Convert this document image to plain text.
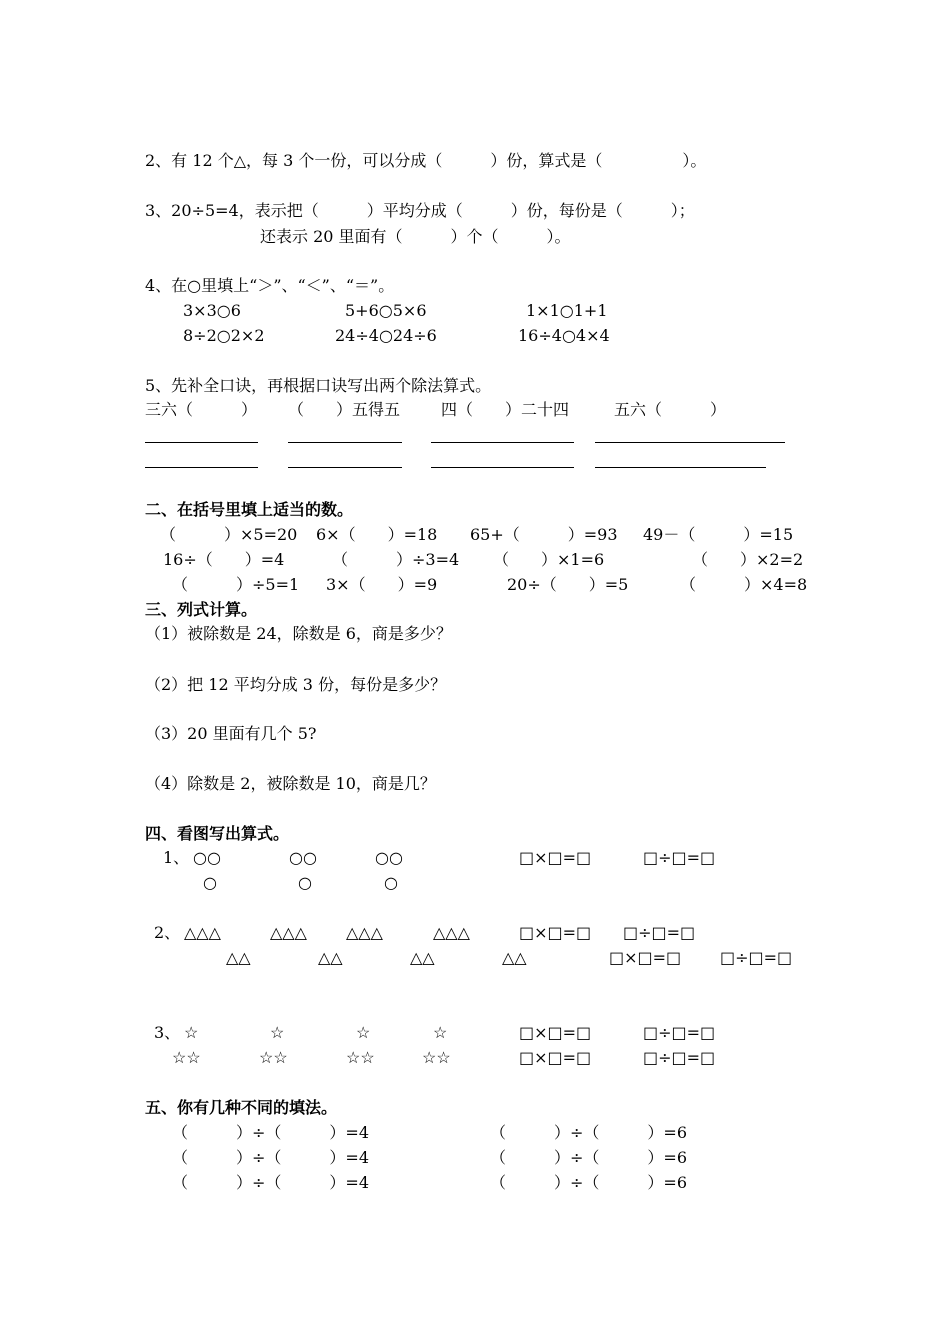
2、有 12 个△，每 3 个一份，可以分成（　　　）份，算式是（　　　　　）。
3、20÷5=4，表示把（　　　）平均分成（　　　）份，每份是（　　　）；
还表示 20 里面有（　　　）个（　　　）。
4、在○里填上“＞”、“＜”、“＝”。
3×3○6	5+6○5×6	1×1○1+1
8÷2○2×2	24÷4○24÷6	16÷4○4×4
5、先补全口诀，再根据口诀写出两个除法算式。
三六（　　　） （　　）五得五	四（　　）二十四	五六（　　　）
二、在括号里填上适当的数。
（　　　）×5=20 6×（　　）=18 65+（　　　）=93 49－（　　　）=15
16÷（　　）=4	（　　　）÷3=4 （　　）×1=6	（　　）×2=2
（　　　）÷5=1 3×（　　）=9	20÷（　　）=5	（　　　）×4=8
三、列式计算。
（1）被除数是 24，除数是 6，商是多少？
（2）把 12 平均分成 3 份，每份是多少？
（3）20 里面有几个 5?
（4）除数是 2，被除数是 10，商是几？
四、看图写出算式。
1、 ○○	○○	○○	□×□=□	□÷□=□
○	○	○
2、 △△△	△△△ △△△	△△△	□×□=□ □÷□=□
△△	△△	△△	△△	□×□=□ □÷□=□
3、 ☆	☆	☆	☆	□×□=□	□÷□=□
☆☆	☆☆	☆☆	☆☆	□×□=□	□÷□=□
五、你有几种不同的填法。
（　　　）÷（　　　）=4
（　　　）÷（　　　）=4
（　　　）÷（　　　）=4
（　　　）÷（　　　）=6
（　　　）÷（　　　）=6
（　　　）÷（　　　）=6
